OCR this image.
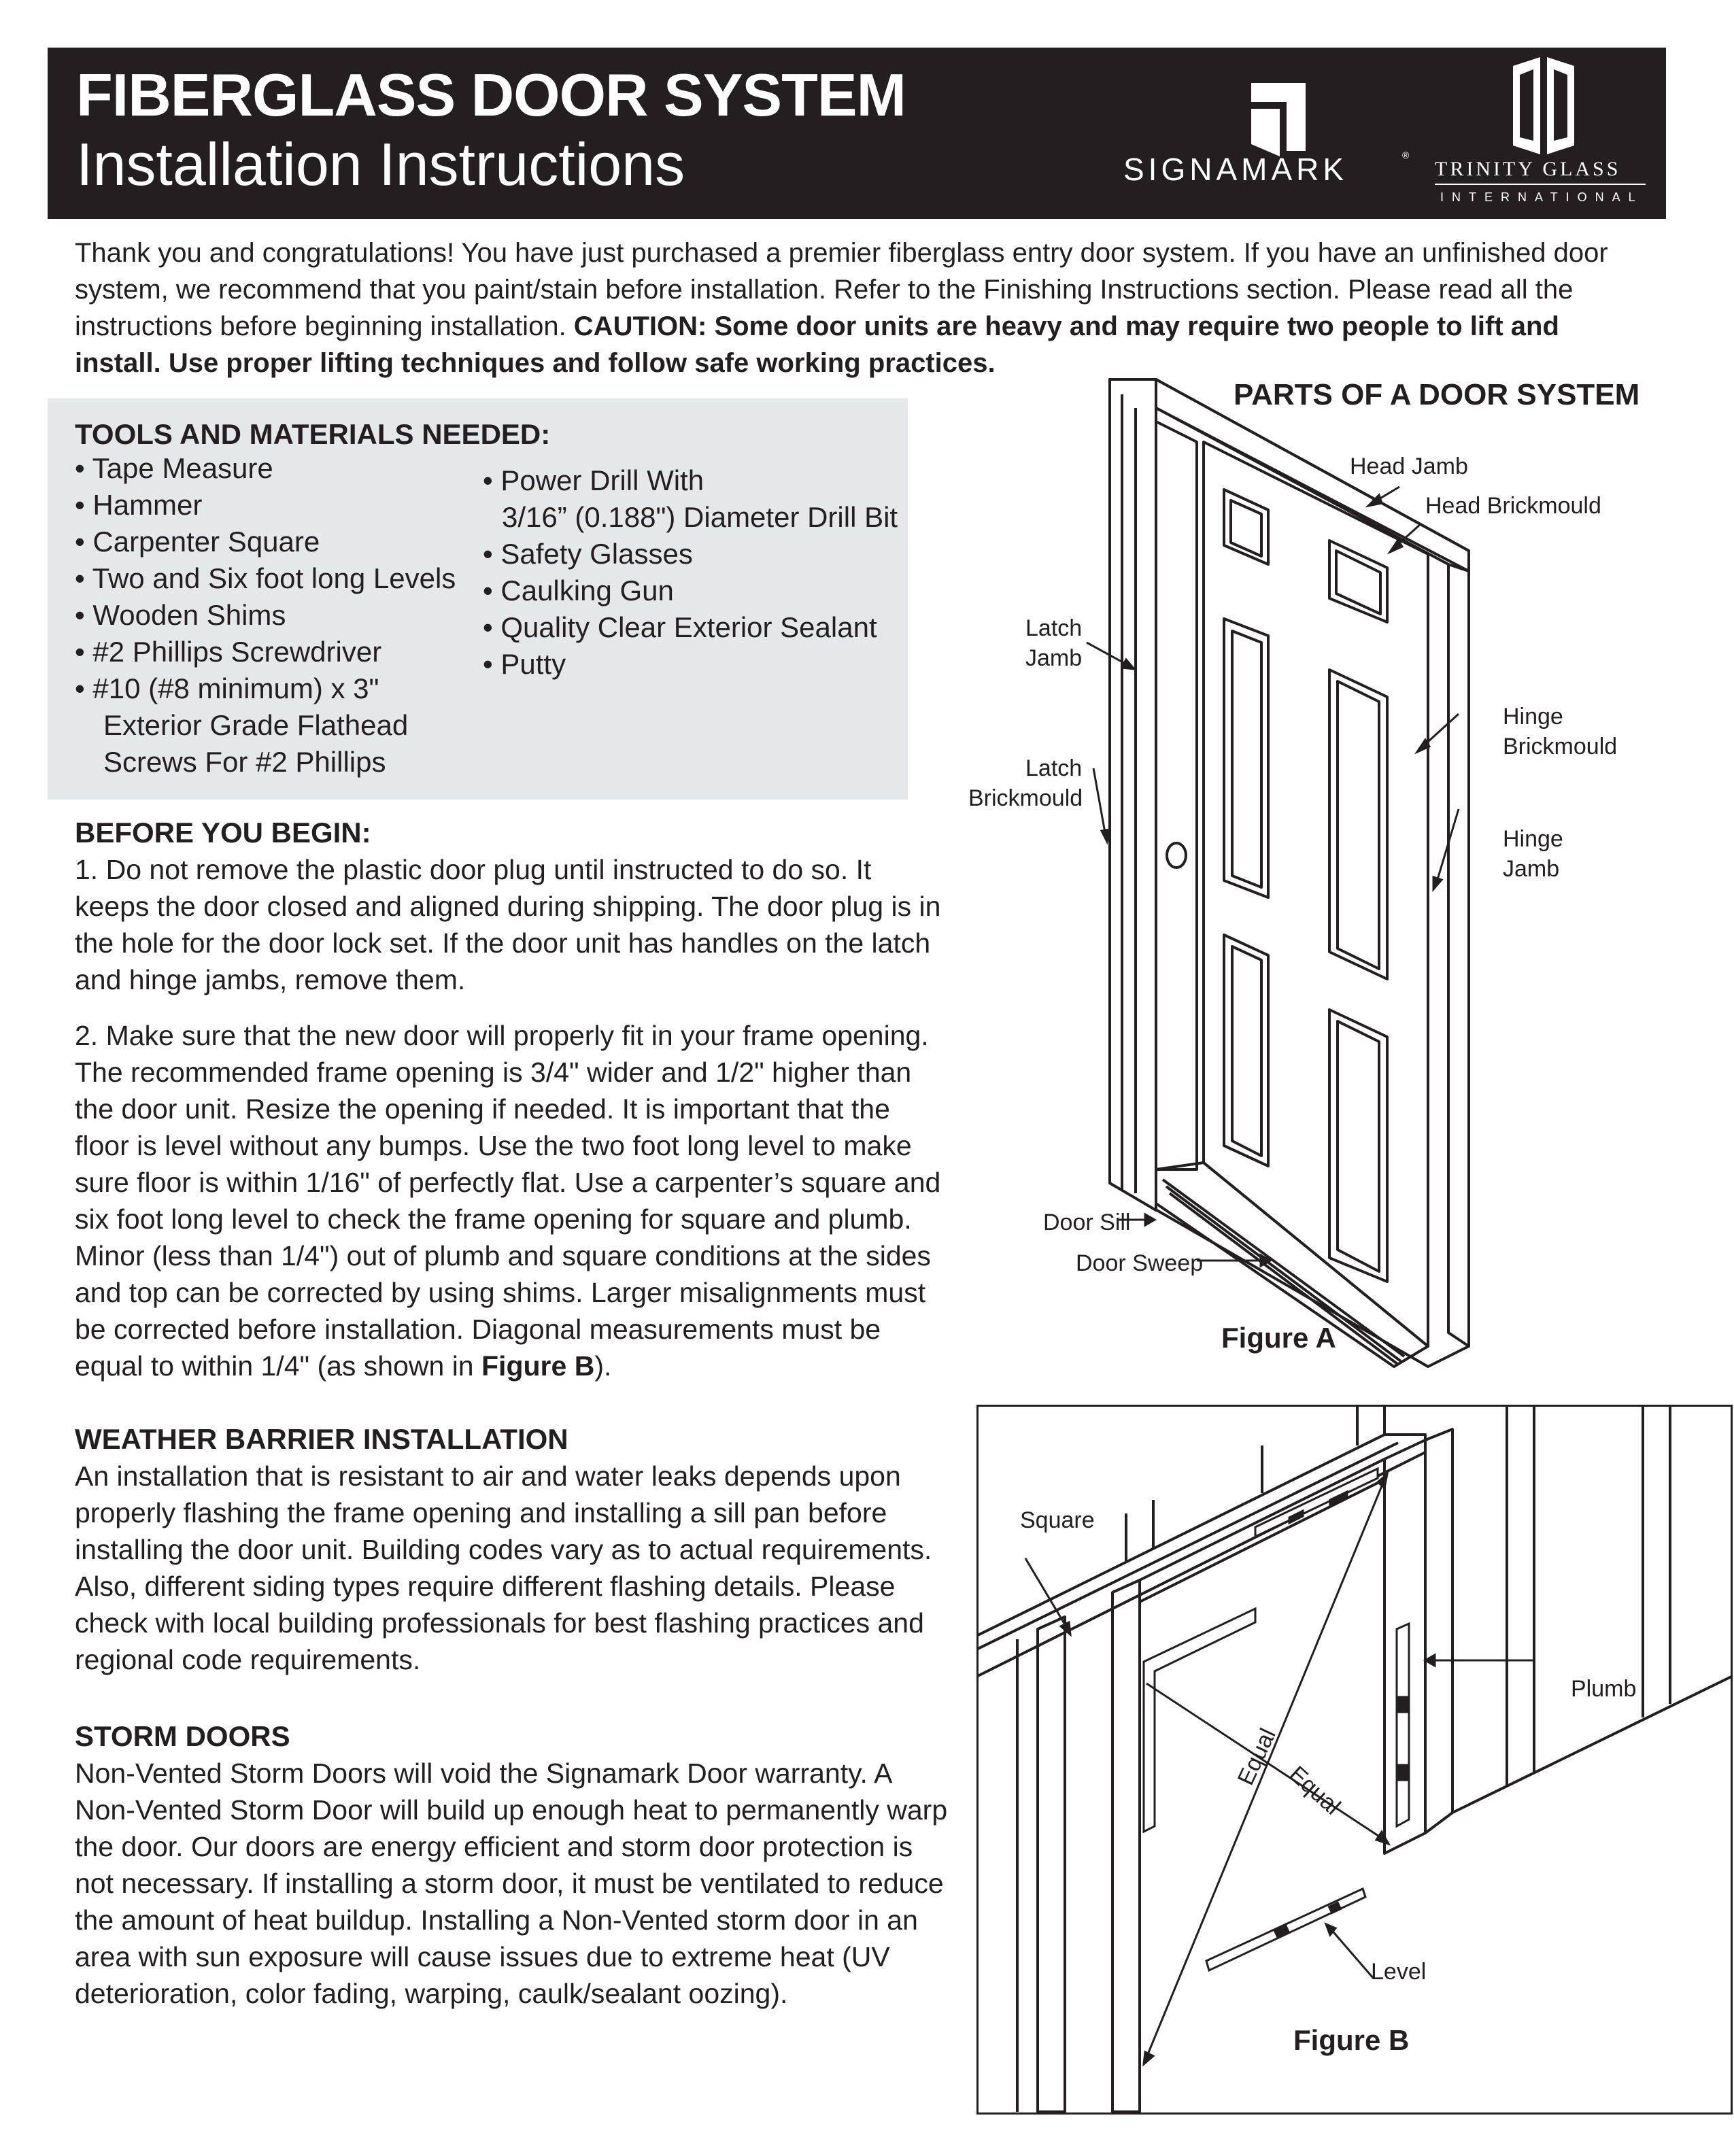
FIBERGLASS DOOR SYSTEM
Installation Instructions	SIGNAMARK	®
TRINITY GLASS
INTERNATIONAL
Thank you and congratulations! You have just purchased a premier fiberglass entry door system. If you have an unfinished door system, we recommend that you paint/stain before installation. Refer to the Finishing Instructions section. Please read all the instructions before beginning installation. CAUTION: Some door units are heavy and may require two people to lift and install. Use proper lifting techniques and follow safe working practices.
TOOLS AND MATERIALS NEEDED:
• Tape Measure
• Hammer
• Carpenter Square
• Two and Six foot long Levels
• Wooden Shims
• #2 Phillips Screwdriver
• #10 (#8 minimum) x 3"
Exterior Grade Flathead
Screws For #2 Phillips
• Power Drill With
3/16” (0.188") Diameter Drill Bit
• Safety Glasses
• Caulking Gun
• Quality Clear Exterior Sealant
• Putty
BEFORE YOU BEGIN:

1. Do not remove the plastic door plug until instructed to do so. It keeps the door closed and aligned during shipping. The door plug is in the hole for the door lock set. If the door unit has handles on the latch and hinge jambs, remove them.

2. Make sure that the new door will properly fit in your frame opening. The recommended frame opening is 3/4" wider and 1/2" higher than the door unit. Resize the opening if needed. It is important that the floor is level without any bumps. Use the two foot long level to make sure floor is within 1/16" of perfectly flat. Use a carpenter’s square and six foot long level to check the frame opening for square and plumb. Minor (less than 1/4") out of plumb and square conditions at the sides and top can be corrected by using shims. Larger misalignments must be corrected before installation. Diagonal measurements must be equal to within 1/4" (as shown in Figure B).

WEATHER BARRIER INSTALLATION

An installation that is resistant to air and water leaks depends upon properly flashing the frame opening and installing a sill pan before installing the door unit. Building codes vary as to actual requirements. Also, different siding types require different flashing details. Please check with local building professionals for best flashing practices and regional code requirements.

STORM DOORS

Non-Vented Storm Doors will void the Signamark Door warranty. A Non-Vented Storm Door will build up enough heat to permanently warp the door. Our doors are energy efficient and storm door protection is not necessary. If installing a storm door, it must be ventilated to reduce the amount of heat buildup. Installing a Non-Vented storm door in an area with sun exposure will cause issues due to extreme heat (UV deterioration, color fading, warping, caulk/sealant oozing).

PARTS OF A DOOR SYSTEM
Head Jamb
Head Brickmould
Latch
Jamb
Hinge
Brickmould
Latch
Brickmould
Hinge
Jamb
Door Sill
Door Sweep
Figure A
Square
Plumb
Equal
Equal
Level
Figure B
